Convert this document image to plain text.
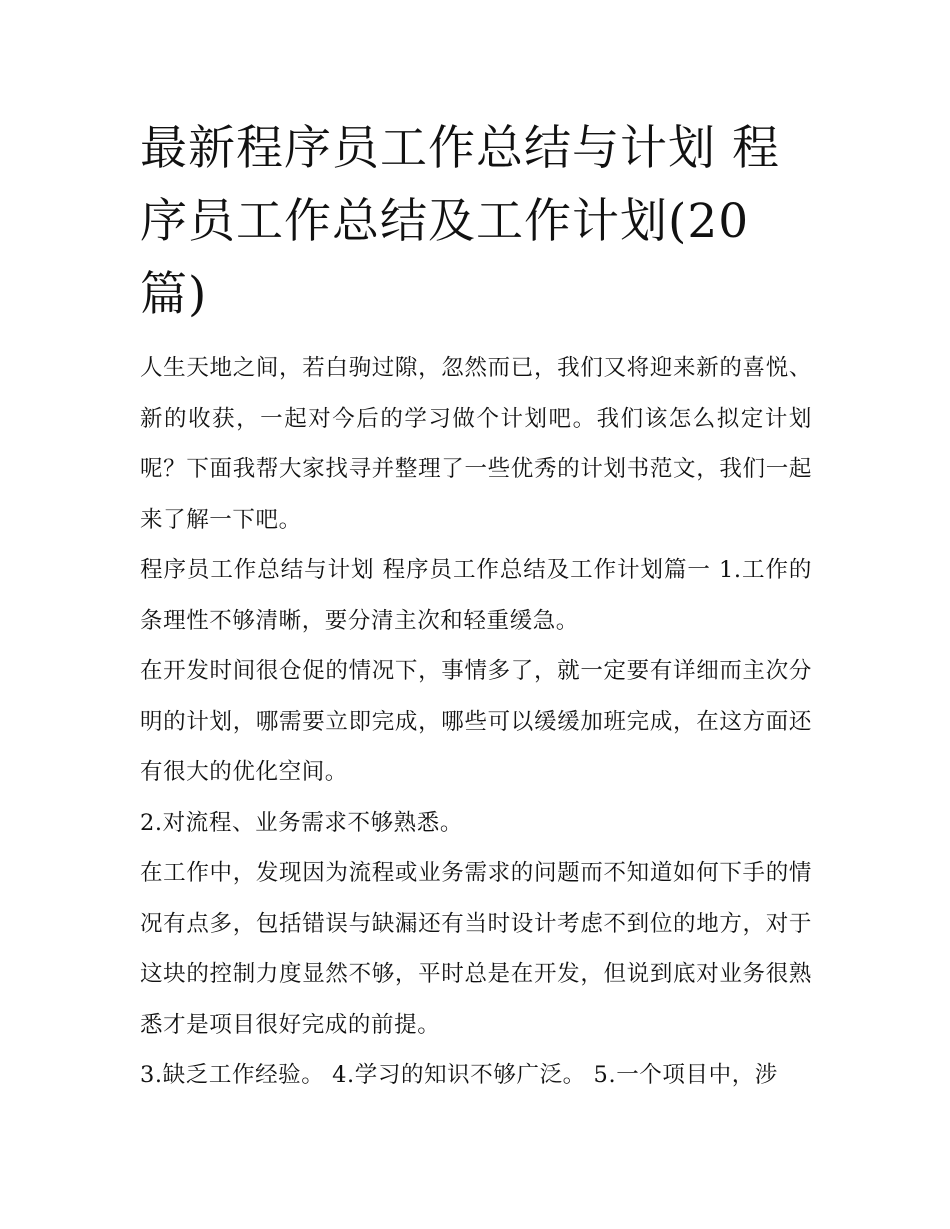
最新程序员工作总结与计划 程序员工作总结及工作计划(20篇)

人生天地之间，若白驹过隙，忽然而已，我们又将迎来新的喜悦、新的收获，一起对今后的学习做个计划吧。我们该怎么拟定计划呢？下面我帮大家找寻并整理了一些优秀的计划书范文，我们一起来了解一下吧。

程序员工作总结与计划 程序员工作总结及工作计划篇一 1.工作的条理性不够清晰，要分清主次和轻重缓急。

在开发时间很仓促的情况下，事情多了，就一定要有详细而主次分明的计划，哪需要立即完成，哪些可以缓缓加班完成，在这方面还有很大的优化空间。

2.对流程、业务需求不够熟悉。

在工作中，发现因为流程或业务需求的问题而不知道如何下手的情况有点多，包括错误与缺漏还有当时设计考虑不到位的地方，对于这块的控制力度显然不够，平时总是在开发，但说到底对业务很熟悉才是项目很好完成的前提。

3.缺乏工作经验。 4.学习的知识不够广泛。 5.一个项目中，涉
